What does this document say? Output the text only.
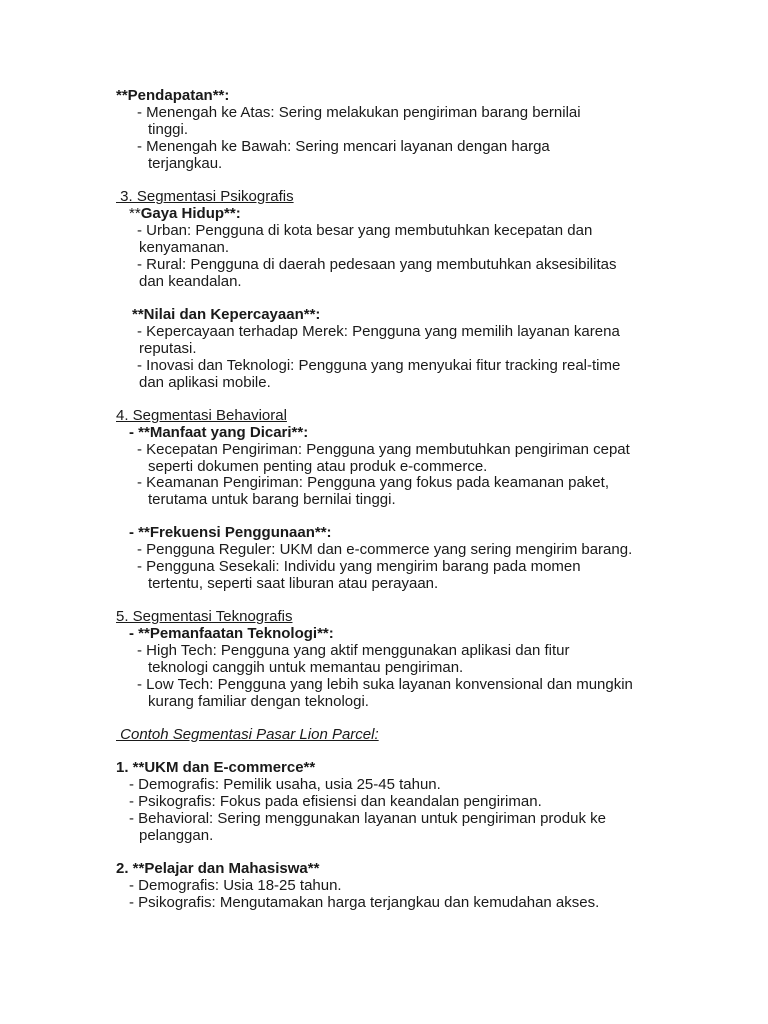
**Pendapatan**:
- Menengah ke Atas: Sering melakukan pengiriman barang bernilai
tinggi.
- Menengah ke Bawah: Sering mencari layanan dengan harga
terjangkau.
3. Segmentasi Psikografis
**Gaya Hidup**:
- Urban: Pengguna di kota besar yang membutuhkan kecepatan dan
kenyamanan.
- Rural: Pengguna di daerah pedesaan yang membutuhkan aksesibilitas
dan keandalan.
**Nilai dan Kepercayaan**:
- Kepercayaan terhadap Merek: Pengguna yang memilih layanan karena
reputasi.
- Inovasi dan Teknologi: Pengguna yang menyukai fitur tracking real-time
dan aplikasi mobile.
4. Segmentasi Behavioral
- **Manfaat yang Dicari**:
- Kecepatan Pengiriman: Pengguna yang membutuhkan pengiriman cepat
seperti dokumen penting atau produk e-commerce.
- Keamanan Pengiriman: Pengguna yang fokus pada keamanan paket,
terutama untuk barang bernilai tinggi.
- **Frekuensi Penggunaan**:
- Pengguna Reguler: UKM dan e-commerce yang sering mengirim barang.
- Pengguna Sesekali: Individu yang mengirim barang pada momen
tertentu, seperti saat liburan atau perayaan.
5. Segmentasi Teknografis
- **Pemanfaatan Teknologi**:
- High Tech: Pengguna yang aktif menggunakan aplikasi dan fitur
teknologi canggih untuk memantau pengiriman.
- Low Tech: Pengguna yang lebih suka layanan konvensional dan mungkin
kurang familiar dengan teknologi.
Contoh Segmentasi Pasar Lion Parcel:
1. **UKM dan E-commerce**
- Demografis: Pemilik usaha, usia 25-45 tahun.
- Psikografis: Fokus pada efisiensi dan keandalan pengiriman.
- Behavioral: Sering menggunakan layanan untuk pengiriman produk ke
pelanggan.
2. **Pelajar dan Mahasiswa**
- Demografis: Usia 18-25 tahun.
- Psikografis: Mengutamakan harga terjangkau dan kemudahan akses.
